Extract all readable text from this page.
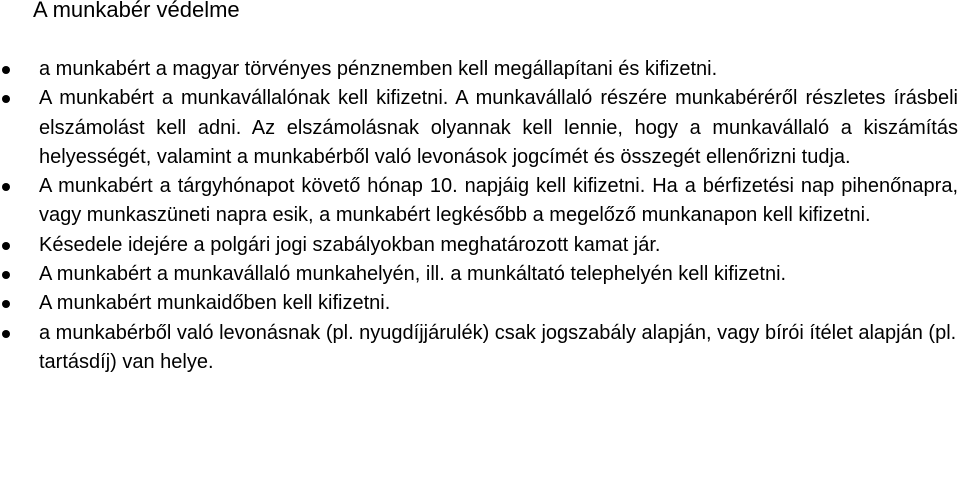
A munkabér védelme
a munkabért a magyar törvényes pénznemben kell megállapítani és kifizetni.
A munkabért a munkavállalónak kell kifizetni. A munkavállaló részére munkabéréről részletes írásbeli elszámolást kell adni. Az elszámolásnak olyannak kell lennie, hogy a munkavállaló a kiszámítás helyességét, valamint a munkabérből való levonások jogcímét és összegét ellenőrizni tudja.
A munkabért a tárgyhónapot követő hónap 10. napjáig kell kifizetni. Ha a bérfizetési nap pihenőnapra, vagy munkaszüneti napra esik, a munkabért legkésőbb a megelőző munkanapon kell kifizetni.
Késedele idejére a polgári jogi szabályokban meghatározott kamat jár.
A munkabért a munkavállaló munkahelyén, ill. a munkáltató telephelyén kell kifizetni.
A munkabért munkaidőben kell kifizetni.
a munkabérből való levonásnak (pl. nyugdíjjárulék) csak jogszabály alapján, vagy bírói ítélet alapján (pl. tartásdíj) van helye.
